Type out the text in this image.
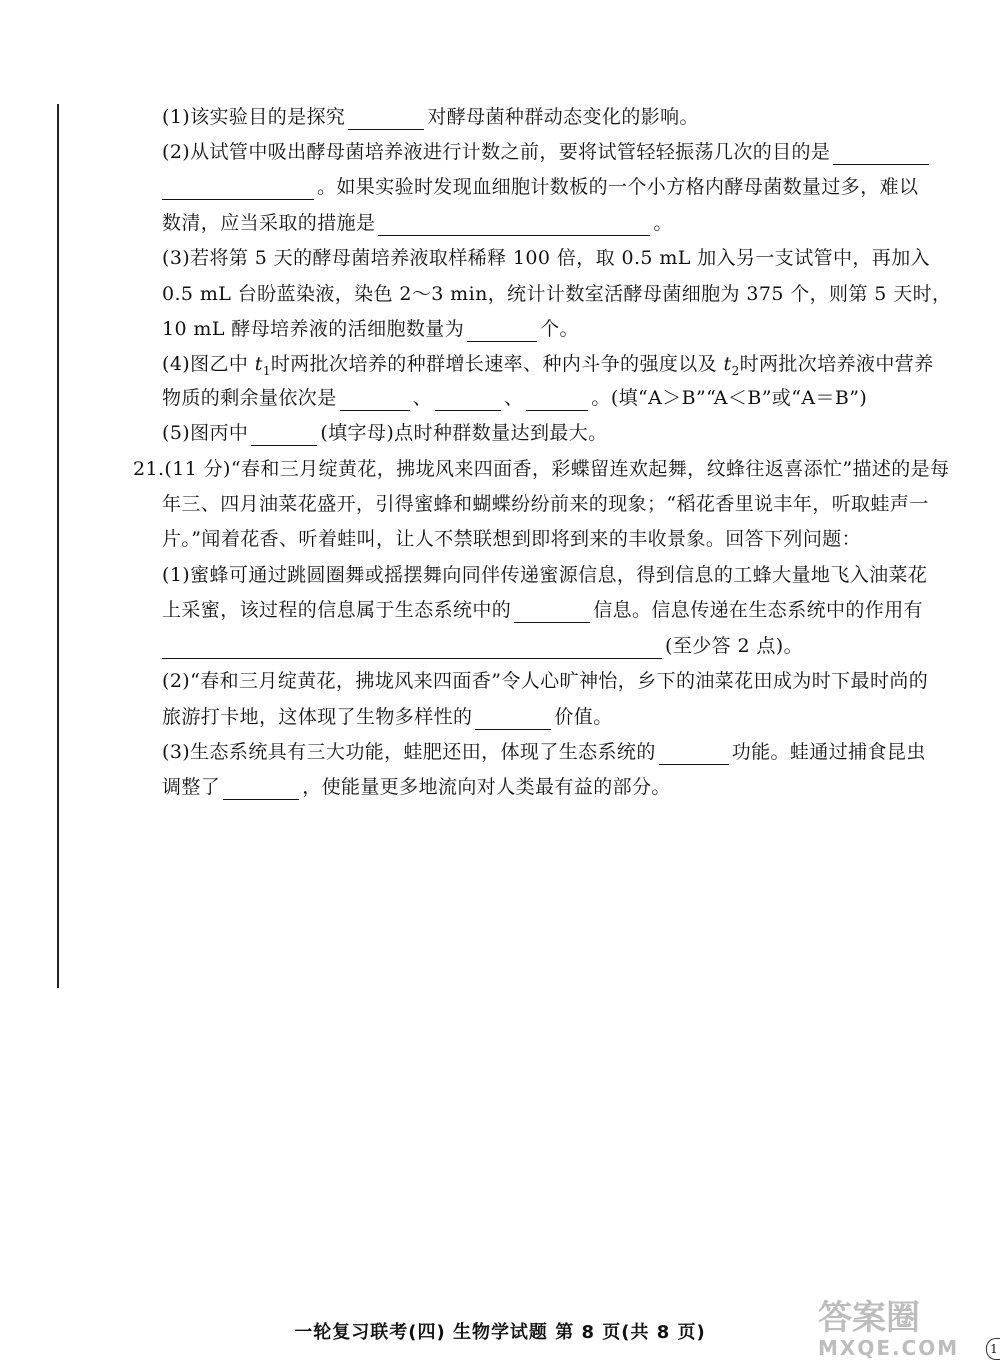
(1)该实验目的是探究	对酵母菌种群动态变化的影响。
(2)从试管中吸出酵母菌培养液进行计数之前，要将试管轻轻振荡几次的目的是
。如果实验时发现血细胞计数板的一个小方格内酵母菌数量过多，难以
数清，应当采取的措施是	。
(3)若将第 5 天的酵母菌培养液取样稀释 100 倍，取 0.5 mL 加入另一支试管中，再加入
0.5 mL 台盼蓝染液，染色 2～3 min，统计计数室活酵母菌细胞为 375 个，则第 5 天时，
10 mL 酵母培养液的活细胞数量为	个。
(4)图乙中 $t_1$时两批次培养的种群增长速率、种内斗争的强度以及 $t_2$时两批次培养液中营养
物质的剩余量依次是	、	、	。(填“A＞B”“A＜B”或“A＝B”)
(5)图丙中	(填字母)点时种群数量达到最大。
21.(11 分)“春和三月绽黄花，拂垅风来四面香，彩蝶留连欢起舞，纹蜂往返喜添忙”描述的是每
年三、四月油菜花盛开，引得蜜蜂和蝴蝶纷纷前来的现象；“稻花香里说丰年，听取蛙声一
片。”闻着花香、听着蛙叫，让人不禁联想到即将到来的丰收景象。回答下列问题：
(1)蜜蜂可通过跳圆圈舞或摇摆舞向同伴传递蜜源信息，得到信息的工蜂大量地飞入油菜花
上采蜜，该过程的信息属于生态系统中的	信息。信息传递在生态系统中的作用有
(至少答 2 点)。
(2)“春和三月绽黄花，拂垅风来四面香”令人心旷神怡，乡下的油菜花田成为时下最时尚的
旅游打卡地，这体现了生物多样性的	价值。
(3)生态系统具有三大功能，蛙肥还田，体现了生态系统的	功能。蛙通过捕食昆虫
调整了	，使能量更多地流向对人类最有益的部分。
一轮复习联考(四) 生物学试题 第 8 页(共 8 页)	答案圈
MXQE.COM	1
